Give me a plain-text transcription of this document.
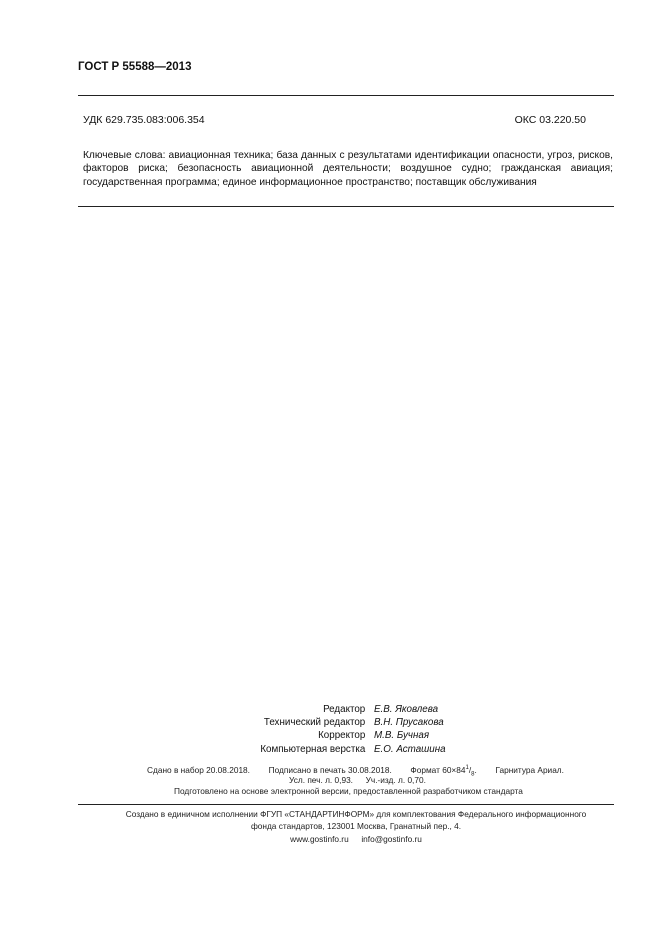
ГОСТ Р 55588—2013
УДК 629.735.083:006.354	ОКС 03.220.50
Ключевые слова: авиационная техника; база данных с результатами идентификации опасности, угроз, рисков, факторов риска; безопасность авиационной деятельности; воздушное судно; гражданская авиация; государственная программа; единое информационное пространство; поставщик обслуживания
Редактор Е.В. Яковлева
Технический редактор В.Н. Прусакова
Корректор М.В. Бучная
Компьютерная верстка Е.О. Асташина
Сдано в набор 20.08.2018. Подписано в печать 30.08.2018. Формат $60\times 84^1/_8$. Гарнитура Ариал.
Усл. печ. л. 0,93. Уч.-изд. л. 0,70.
Подготовлено на основе электронной версии, предоставленной разработчиком стандарта
Создано в единичном исполнении ФГУП «СТАНДАРТИНФОРМ» для комплектования Федерального информационного
фонда стандартов, 123001 Москва, Гранатный пер., 4.
www.gostinfo.ru info@gostinfo.ru
